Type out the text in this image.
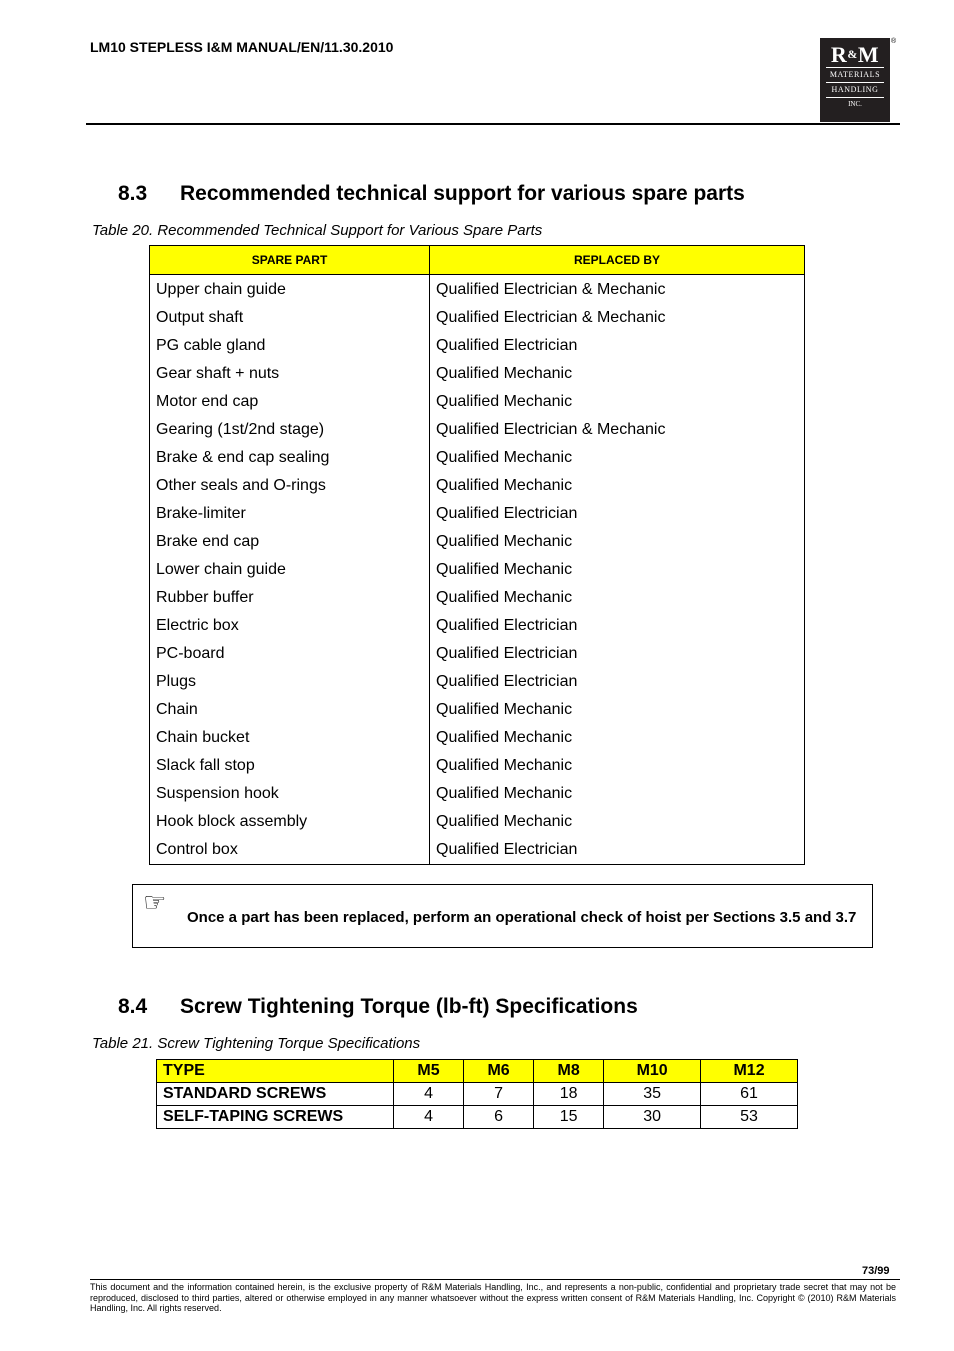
LM10 STEPLESS I&M MANUAL/EN/11.30.2010	R&M
MATERIALS
HANDLING
INC.
®
8.3 Recommended technical support for various spare parts
Table 20. Recommended Technical Support for Various Spare Parts
SPARE PART	REPLACED BY
Upper chain guide	Qualified Electrician & Mechanic
Output shaft	Qualified Electrician & Mechanic
PG cable gland	Qualified Electrician
Gear shaft + nuts	Qualified Mechanic
Motor end cap	Qualified Mechanic
Gearing (1st/2nd stage)	Qualified Electrician & Mechanic
Brake & end cap sealing	Qualified Mechanic
Other seals and O-rings	Qualified Mechanic
Brake-limiter	Qualified Electrician
Brake end cap	Qualified Mechanic
Lower chain guide	Qualified Mechanic
Rubber buffer	Qualified Mechanic
Electric box	Qualified Electrician
PC-board	Qualified Electrician
Plugs	Qualified Electrician
Chain	Qualified Mechanic
Chain bucket	Qualified Mechanic
Slack fall stop	Qualified Mechanic
Suspension hook	Qualified Mechanic
Hook block assembly	Qualified Mechanic
Control box	Qualified Electrician
☞
Once a part has been replaced, perform an operational check of hoist per Sections 3.5 and 3.7
8.4 Screw Tightening Torque (lb-ft) Specifications
Table 21. Screw Tightening Torque Specifications
TYPE	M5	M6	M8	M10	M12
STANDARD SCREWS	4	7	18	35	61
SELF-TAPING SCREWS	4	6	15	30	53
73/99
This document and the information contained herein, is the exclusive property of R&M Materials Handling, Inc., and represents a non-public, confidential and proprietary trade secret that may not be reproduced, disclosed to third parties, altered or otherwise employed in any manner whatsoever without the express written consent of R&M Materials Handling, Inc. Copyright © (2010) R&M Materials Handling, Inc. All rights reserved.
